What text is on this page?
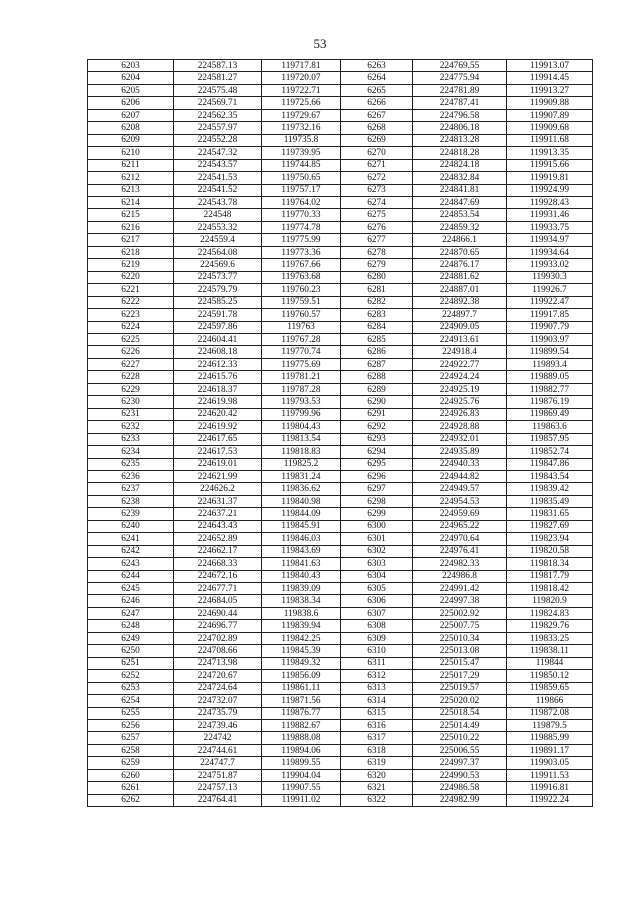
53
6203	224587.13	119717.81	6263	224769.55	119913.07
6204	224581.27	119720.07	6264	224775.94	119914.45
6205	224575.48	119722.71	6265	224781.89	119913.27
6206	224569.71	119725.66	6266	224787.41	119909.88
6207	224562.35	119729.67	6267	224796.58	119907.89
6208	224557.97	119732.16	6268	224806.18	119909.68
6209	224552.28	119735.8	6269	224813.28	119911.68
6210	224547.32	119739.95	6270	224818.28	119913.35
6211	224543.57	119744.85	6271	224824.18	119915.66
6212	224541.53	119750.65	6272	224832.84	119919.81
6213	224541.52	119757.17	6273	224841.81	119924.99
6214	224543.78	119764.02	6274	224847.69	119928.43
6215	224548	119770.33	6275	224853.54	119931.46
6216	224553.32	119774.78	6276	224859.32	119933.75
6217	224559.4	119775.99	6277	224866.1	119934.97
6218	224564.08	119773.36	6278	224870.65	119934.64
6219	224569.6	119767.66	6279	224876.17	119933.02
6220	224573.77	119763.68	6280	224881.62	119930.3
6221	224579.79	119760.23	6281	224887.01	119926.7
6222	224585.25	119759.51	6282	224892.38	119922.47
6223	224591.78	119760.57	6283	224897.7	119917.85
6224	224597.86	119763	6284	224909.05	119907.79
6225	224604.41	119767.28	6285	224913.61	119903.97
6226	224608.18	119770.74	6286	224918.4	119899.54
6227	224612.33	119775.69	6287	224922.77	119893.4
6228	224615.76	119781.21	6288	224924.24	119889.05
6229	224618.37	119787.28	6289	224925.19	119882.77
6230	224619.98	119793.53	6290	224925.76	119876.19
6231	224620.42	119799.96	6291	224926.83	119869.49
6232	224619.92	119804.43	6292	224928.88	119863.6
6233	224617.65	119813.54	6293	224932.01	119857.95
6234	224617.53	119818.83	6294	224935.89	119852.74
6235	224619.01	119825.2	6295	224940.33	119847.86
6236	224621.99	119831.24	6296	224944.82	119843.54
6237	224626.2	119836.62	6297	224949.57	119839.42
6238	224631.37	119840.98	6298	224954.53	119835.49
6239	224637.21	119844.09	6299	224959.69	119831.65
6240	224643.43	119845.91	6300	224965.22	119827.69
6241	224652.89	119846.03	6301	224970.64	119823.94
6242	224662.17	119843.69	6302	224976.41	119820.58
6243	224668.33	119841.63	6303	224982.33	119818.34
6244	224672.16	119840.43	6304	224986.8	119817.79
6245	224677.71	119839.09	6305	224991.42	119818.42
6246	224684.05	119838.34	6306	224997.38	119820.9
6247	224690.44	119838.6	6307	225002.92	119824.83
6248	224696.77	119839.94	6308	225007.75	119829.76
6249	224702.89	119842.25	6309	225010.34	119833.25
6250	224708.66	119845.39	6310	225013.08	119838.11
6251	224713.98	119849.32	6311	225015.47	119844
6252	224720.67	119856.09	6312	225017.29	119850.12
6253	224724.64	119861.11	6313	225019.57	119859.65
6254	224732.07	119871.56	6314	225020.02	119866
6255	224735.79	119876.77	6315	225018.54	119872.08
6256	224739.46	119882.67	6316	225014.49	119879.5
6257	224742	119888.08	6317	225010.22	119885.99
6258	224744.61	119894.06	6318	225006.55	119891.17
6259	224747.7	119899.55	6319	224997.37	119903.05
6260	224751.87	119904.04	6320	224990.53	119911.53
6261	224757.13	119907.55	6321	224986.58	119916.81
6262	224764.41	119911.02	6322	224982.99	119922.24
